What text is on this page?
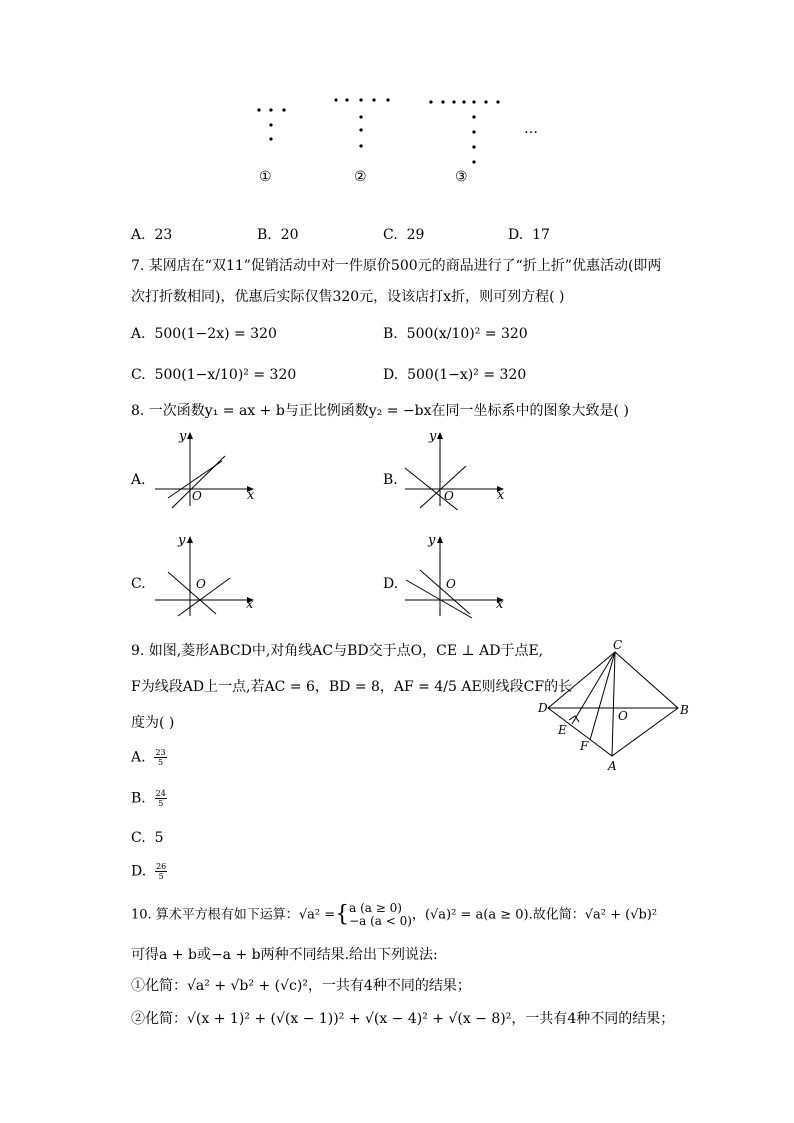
①	②	③
…
A. 23	B. 20	C. 29	D. 17
7. 某网店在“双11”促销活动中对一件原价500元的商品进行了“折上折”优惠活动(即两
次打折数相同)，优惠后实际仅售320元，设该店打x折，则可列方程( )
A. 500(1−2x) = 320	B. 500(x/10)² = 320
C. 500(1−x/10)² = 320	D. 500(1−x)² = 320
8. 一次函数y₁ = ax + b与正比例函数y₂ = −bx在同一坐标系中的图象大致是( )
A.
x
y
O
B.
x
y
O
C.
x
y
O	D.
x
y
O
9. 如图,菱形ABCD中,对角线AC与BD交于点O，CE ⊥ AD于点E,
F为线段AD上一点,若AC = 6，BD = 8，AF = 4/5 AE则线段CF的长
度为( )
C
D
O	B
E
F
A
A. $\frac{23}{5}$
B. $\frac{24}{5}$
C. 5
D. $\frac{26}{5}$
10. 算术平方根有如下运算：√a² ={ a (a ≥ 0)
−a (a < 0) ，(√a)² = a(a ≥ 0).故化简：√a² + (√b)²
可得a + b或−a + b两种不同结果.给出下列说法:
①化简：√a² + √b² + (√c)²，一共有4种不同的结果；
②化简：√(x + 1)² + (√(x − 1))² + √(x − 4)² + √(x − 8)²，一共有4种不同的结果；
